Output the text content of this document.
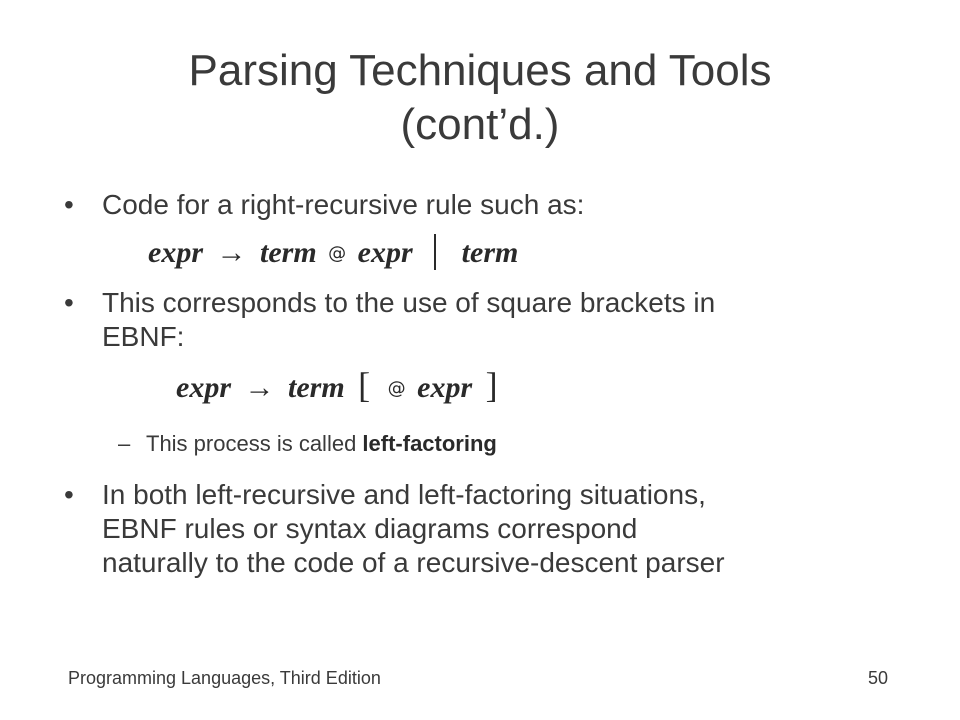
Parsing Techniques and Tools
(cont’d.)
• Code for a right-recursive rule such as:
expr → term @ expr term
• This corresponds to the use of square brackets in
EBNF:
expr → term [ @ expr ]
– This process is called left-factoring
• In both left-recursive and left-factoring situations,
EBNF rules or syntax diagrams correspond
naturally to the code of a recursive-descent parser
Programming Languages, Third Edition	50
